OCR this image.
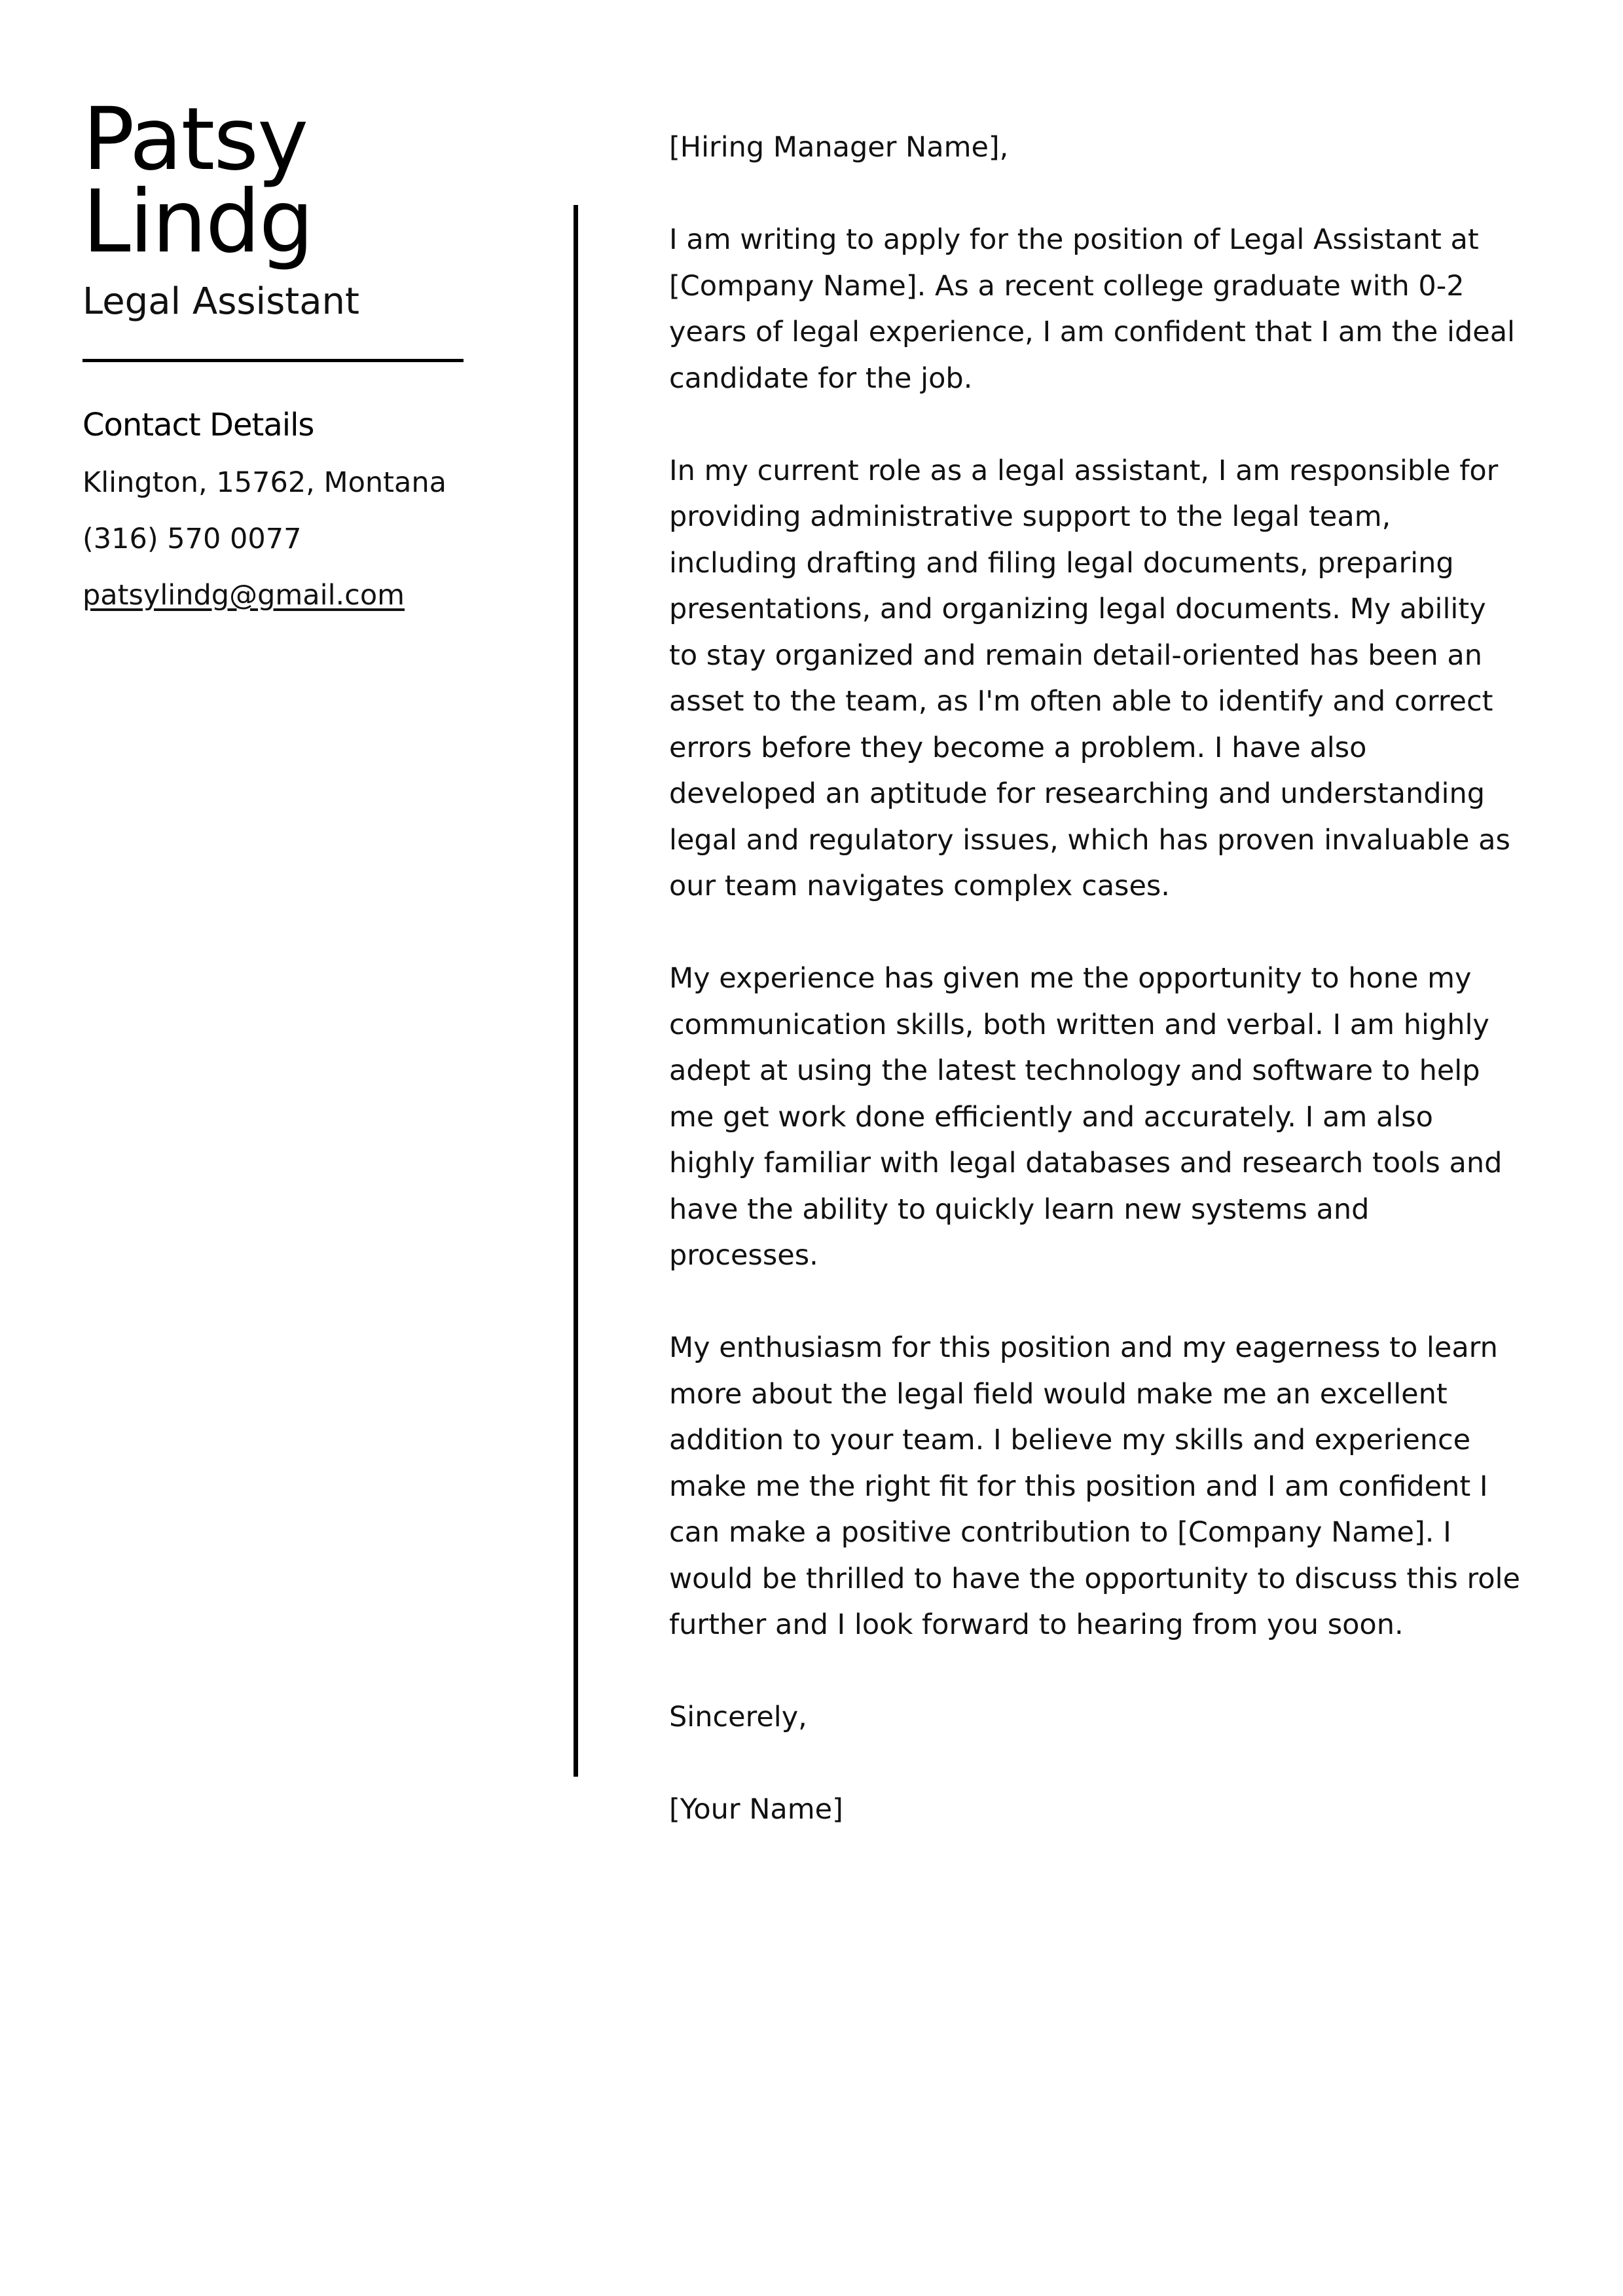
Patsy
Lindg
Legal Assistant
Contact Details
Klington, 15762, Montana
(316) 570 0077
patsylindg@gmail.com

[Hiring Manager Name],

I am writing to apply for the position of Legal Assistant at [Company Name]. As a recent college graduate with 0-2 years of legal experience, I am confident that I am the ideal candidate for the job.

In my current role as a legal assistant, I am responsible for providing administrative support to the legal team, including drafting and filing legal documents, preparing presentations, and organizing legal documents. My ability to stay organized and remain detail-oriented has been an asset to the team, as I'm often able to identify and correct errors before they become a problem. I have also developed an aptitude for researching and understanding legal and regulatory issues, which has proven invaluable as our team navigates complex cases.

My experience has given me the opportunity to hone my communication skills, both written and verbal. I am highly adept at using the latest technology and software to help me get work done efficiently and accurately. I am also highly familiar with legal databases and research tools and have the ability to quickly learn new systems and processes.

My enthusiasm for this position and my eagerness to learn more about the legal field would make me an excellent addition to your team. I believe my skills and experience make me the right fit for this position and I am confident I can make a positive contribution to [Company Name]. I would be thrilled to have the opportunity to discuss this role further and I look forward to hearing from you soon.

Sincerely,

[Your Name]
